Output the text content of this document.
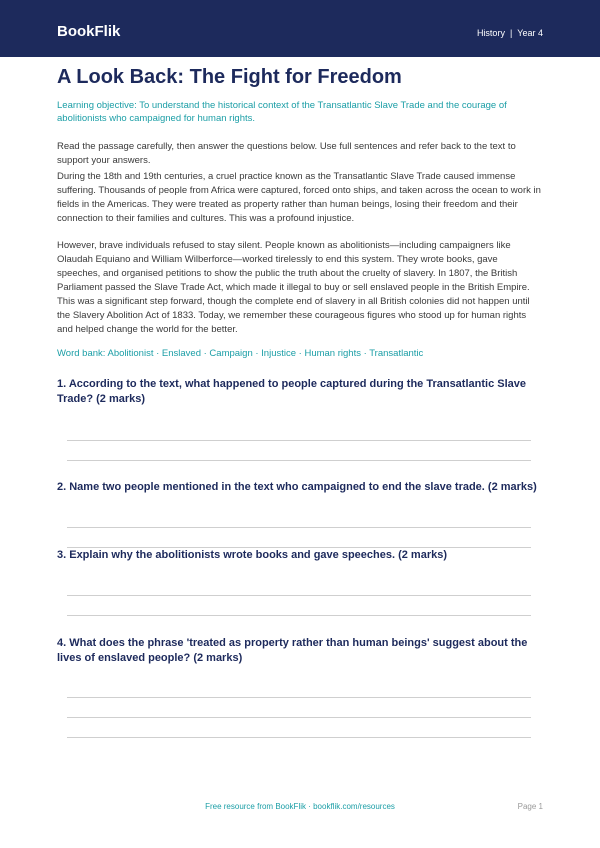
BookFlik	History | Year 4
A Look Back: The Fight for Freedom

Learning objective: To understand the historical context of the Transatlantic Slave Trade and the courage of abolitionists who campaigned for human rights.

Read the passage carefully, then answer the questions below. Use full sentences and refer back to the text to support your answers.

During the 18th and 19th centuries, a cruel practice known as the Transatlantic Slave Trade caused immense suffering. Thousands of people from Africa were captured, forced onto ships, and taken across the ocean to work in fields in the Americas. They were treated as property rather than human beings, losing their freedom and their connection to their families and cultures. This was a profound injustice.

However, brave individuals refused to stay silent. People known as abolitionists—including campaigners like Olaudah Equiano and William Wilberforce—worked tirelessly to end this system. They wrote books, gave speeches, and organised petitions to show the public the truth about the cruelty of slavery. In 1807, the British Parliament passed the Slave Trade Act, which made it illegal to buy or sell enslaved people in the British Empire. This was a significant step forward, though the complete end of slavery in all British colonies did not happen until the Slavery Abolition Act of 1833. Today, we remember these courageous figures who stood up for human rights and helped change the world for the better.

Word bank: Abolitionist · Enslaved · Campaign · Injustice · Human rights · Transatlantic

1. According to the text, what happened to people captured during the Transatlantic Slave Trade? (2 marks)
2. Name two people mentioned in the text who campaigned to end the slave trade. (2 marks)
3. Explain why the abolitionists wrote books and gave speeches. (2 marks)
4. What does the phrase 'treated as property rather than human beings' suggest about the lives of enslaved people? (2 marks)
Free resource from BookFlik · bookflik.com/resources	Page 1
